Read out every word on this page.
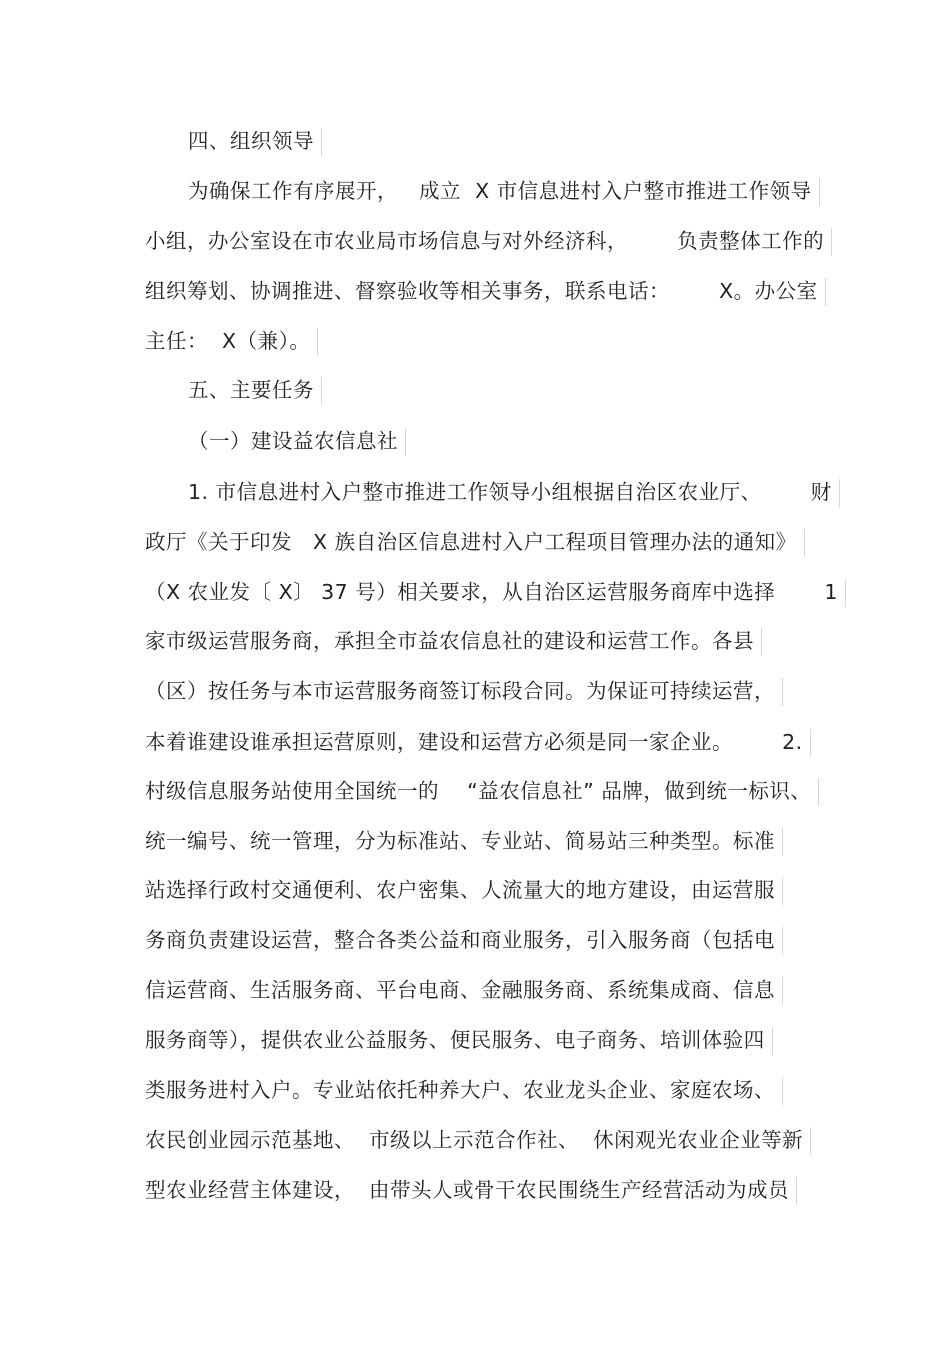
四、组织领导
为确保工作有序展开，   成立  X 市信息进村入户整市推进工作领导
小组，办公室设在市农业局市场信息与对外经济科，       负责整体工作的
组织筹划、协调推进、督察验收等相关事务，联系电话：       X。办公室
主任：  X（兼）。
五、主要任务
（一）建设益农信息社
1. 市信息进村入户整市推进工作领导小组根据自治区农业厅、       财
政厅《关于印发   X 族自治区信息进村入户工程项目管理办法的通知》
（X 农业发〔 X〕 37 号）相关要求，从自治区运营服务商库中选择       1
家市级运营服务商，承担全市益农信息社的建设和运营工作。各县
（区）按任务与本市运营服务商签订标段合同。为保证可持续运营，
本着谁建设谁承担运营原则，建设和运营方必须是同一家企业。       2.
村级信息服务站使用全国统一的    “益农信息社” 品牌，做到统一标识、
统一编号、统一管理，分为标准站、专业站、简易站三种类型。标准
站选择行政村交通便利、农户密集、人流量大的地方建设，由运营服
务商负责建设运营，整合各类公益和商业服务，引入服务商（包括电
信运营商、生活服务商、平台电商、金融服务商、系统集成商、信息
服务商等），提供农业公益服务、便民服务、电子商务、培训体验四
类服务进村入户。专业站依托种养大户、农业龙头企业、家庭农场、
农民创业园示范基地、  市级以上示范合作社、  休闲观光农业企业等新
型农业经营主体建设，  由带头人或骨干农民围绕生产经营活动为成员
